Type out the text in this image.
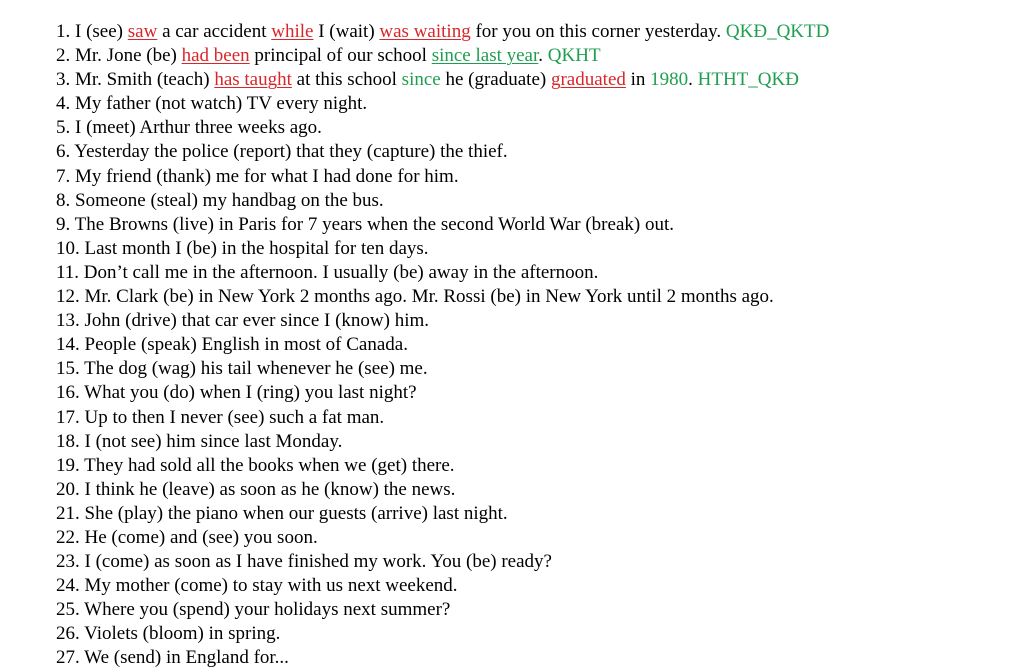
1. I (see) saw a car accident while I (wait) was waiting for you on this corner yesterday. QKĐ_QKTD
2. Mr. Jone (be) had been principal of our school since last year. QKHT
3. Mr. Smith (teach) has taught at this school since he (graduate) graduated in 1980. HTHT_QKĐ
4. My father (not watch) TV every night.
5. I (meet) Arthur three weeks ago.
6. Yesterday the police (report) that they (capture) the thief.
7. My friend (thank) me for what I had done for him.
8. Someone (steal) my handbag on the bus.
9. The Browns (live) in Paris for 7 years when the second World War (break) out.
10. Last month I (be) in the hospital for ten days.
11. Don’t call me in the afternoon. I usually (be) away in the afternoon.
12. Mr. Clark (be) in New York 2 months ago. Mr. Rossi (be) in New York until 2 months ago.
13. John (drive) that car ever since I (know) him.
14. People (speak) English in most of Canada.
15. The dog (wag) his tail whenever he (see) me.
16. What you (do) when I (ring) you last night?
17. Up to then I never (see) such a fat man.
18. I (not see) him since last Monday.
19. They had sold all the books when we (get) there.
20. I think he (leave) as soon as he (know) the news.
21. She (play) the piano when our guests (arrive) last night.
22. He (come) and (see) you soon.
23. I (come) as soon as I have finished my work. You (be) ready?
24. My mother (come) to stay with us next weekend.
25. Where you (spend) your holidays next summer?
26. Violets (bloom) in spring.
27. We (send) in England for...
